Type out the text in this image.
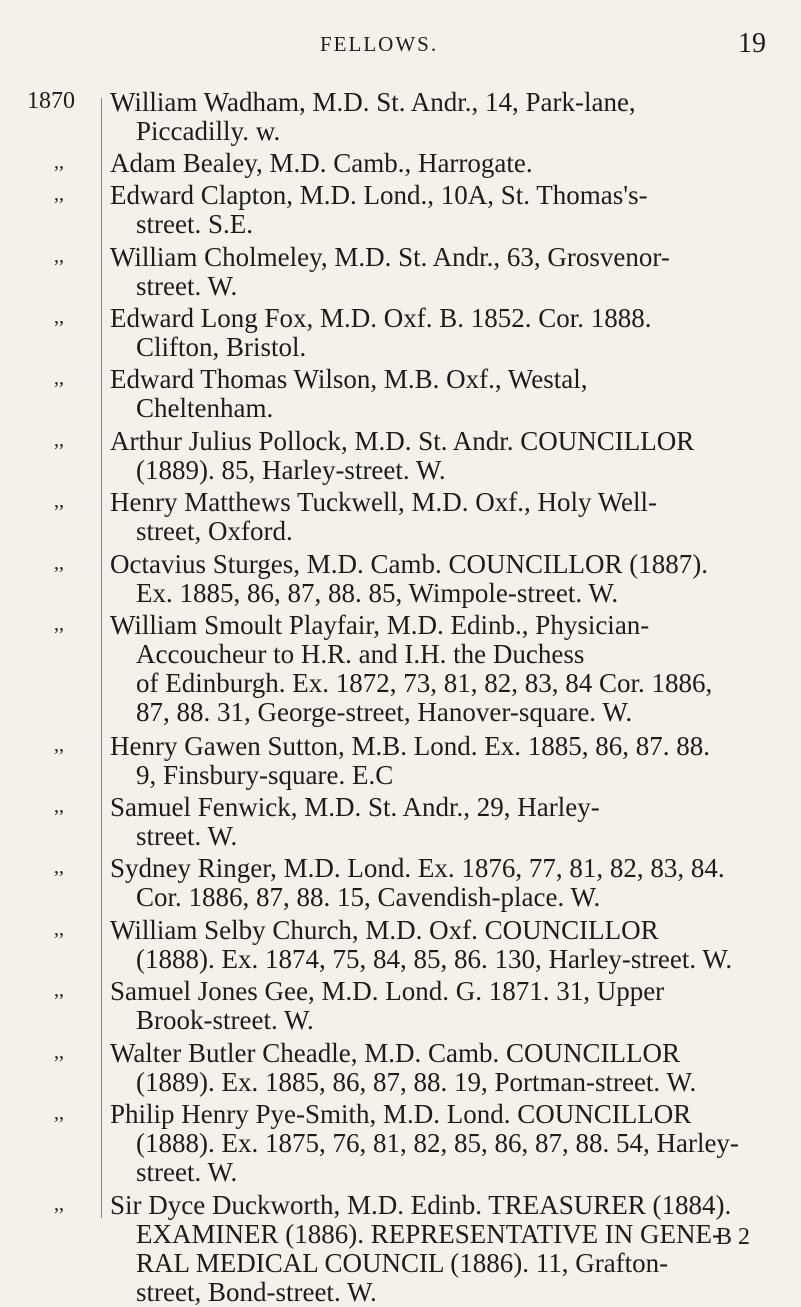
FELLOWS.	19
1870	William Wadham, M.D. St. Andr., 14, Park-lane,
Piccadilly. w.
,, Adam Bealey, M.D. Camb., Harrogate.
,, Edward Clapton, M.D. Lond., 10A, St. Thomas's-
street. S.E.
,, William Cholmeley, M.D. St. Andr., 63, Grosvenor-
street. W.
,, Edward Long Fox, M.D. Oxf. B. 1852. Cor. 1888.
Clifton, Bristol.
,, Edward Thomas Wilson, M.B. Oxf., Westal,
Cheltenham.
,, Arthur Julius Pollock, M.D. St. Andr. COUNCILLOR
(1889). 85, Harley-street. W.
,, Henry Matthews Tuckwell, M.D. Oxf., Holy Well-
street, Oxford.
,, Octavius Sturges, M.D. Camb. COUNCILLOR (1887).
Ex. 1885, 86, 87, 88. 85, Wimpole-street. W.
,, William Smoult Playfair, M.D. Edinb., Physician-
Accoucheur to H.R. and I.H. the Duchess
of Edinburgh. Ex. 1872, 73, 81, 82, 83, 84 Cor. 1886,
87, 88. 31, George-street, Hanover-square. W.
,, Henry Gawen Sutton, M.B. Lond. Ex. 1885, 86, 87. 88.
9, Finsbury-square. E.C
,, Samuel Fenwick, M.D. St. Andr., 29, Harley-
street. W.
,, Sydney Ringer, M.D. Lond. Ex. 1876, 77, 81, 82, 83, 84.
Cor. 1886, 87, 88. 15, Cavendish-place. W.
,, William Selby Church, M.D. Oxf. COUNCILLOR
(1888). Ex. 1874, 75, 84, 85, 86. 130, Harley-street. W.
,, Samuel Jones Gee, M.D. Lond. G. 1871. 31, Upper
Brook-street. W.
,, Walter Butler Cheadle, M.D. Camb. COUNCILLOR
(1889). Ex. 1885, 86, 87, 88. 19, Portman-street. W.
,, Philip Henry Pye-Smith, M.D. Lond. COUNCILLOR
(1888). Ex. 1875, 76, 81, 82, 85, 86, 87, 88. 54, Harley-
street. W.
,, Sir Dyce Duckworth, M.D. Edinb. TREASURER (1884).
EXAMINER (1886). REPRESENTATIVE IN GENE-
RAL MEDICAL COUNCIL (1886). 11, Grafton-
street, Bond-street. W.
B 2
